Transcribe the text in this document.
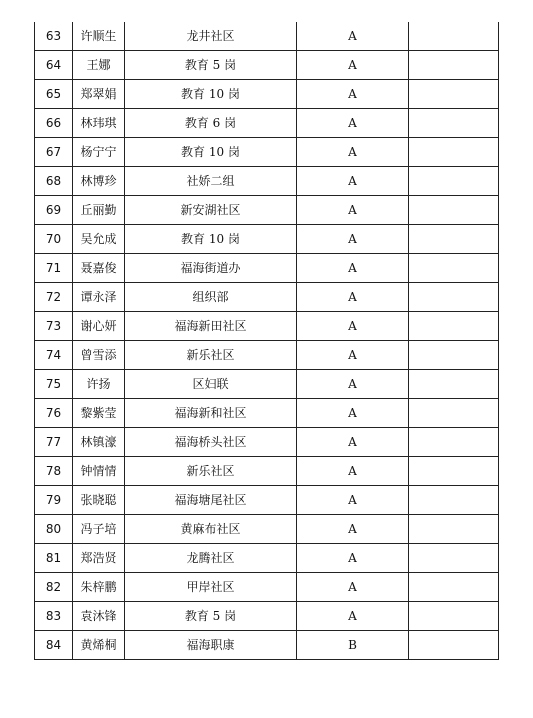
63	许顺生	龙井社区	A	
64	王娜	教育 5 岗	A	
65	郑翠娟	教育 10 岗	A	
66	林玮琪	教育 6 岗	A	
67	杨宁宁	教育 10 岗	A	
68	林博珍	社娇二组	A	
69	丘丽勤	新安湖社区	A	
70	吴允成	教育 10 岗	A	
71	聂嘉俊	福海街道办	A	
72	谭永泽	组织部	A	
73	谢心妍	福海新田社区	A	
74	曾雪添	新乐社区	A	
75	许扬	区妇联	A	
76	黎紫莹	福海新和社区	A	
77	林镇濠	福海桥头社区	A	
78	钟情情	新乐社区	A	
79	张晓聪	福海塘尾社区	A	
80	冯子培	黄麻布社区	A	
81	郑浩贤	龙腾社区	A	
82	朱梓鹏	甲岸社区	A	
83	袁沐锋	教育 5 岗	A	
84	黄烯桐	福海职康	B	
